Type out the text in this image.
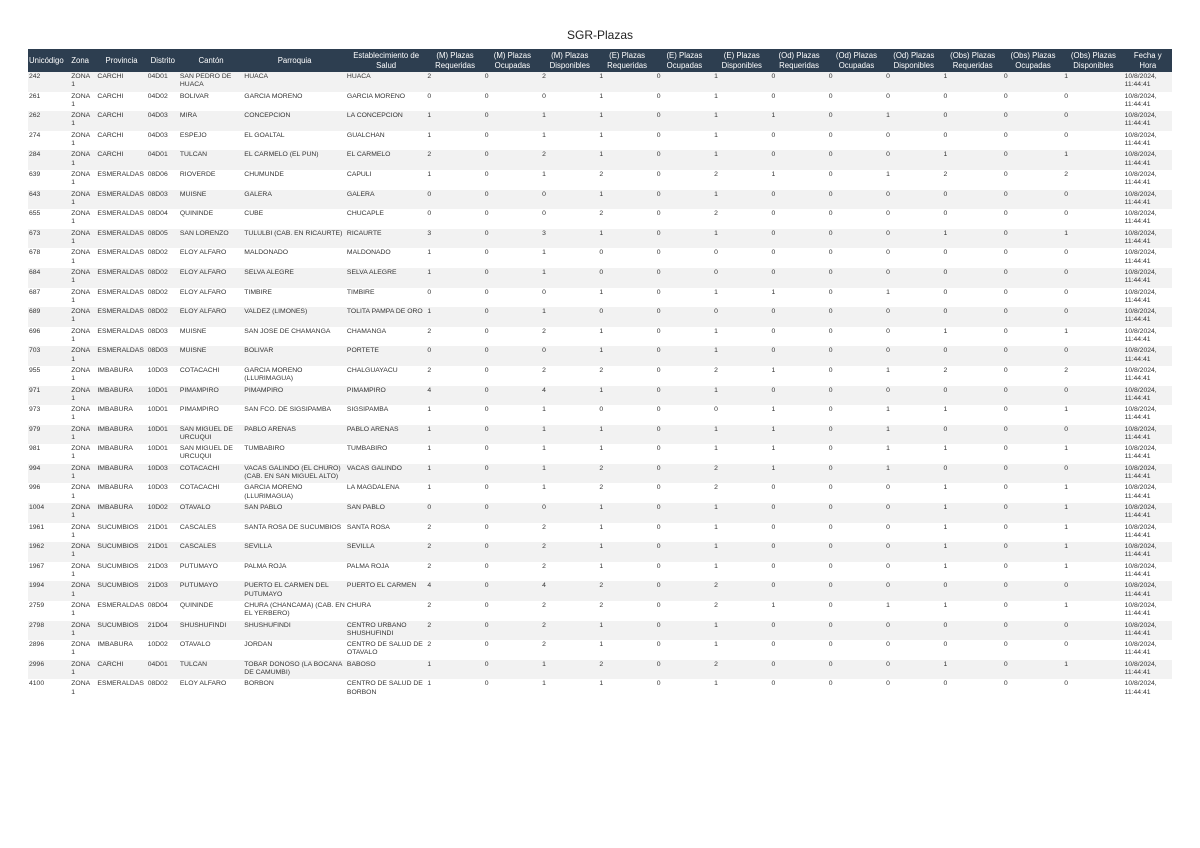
SGR-Plazas
Unicódigo	Zona	Provincia	Distrito	Cantón	Parroquia	Establecimiento de Salud	(M) Plazas Requeridas	(M) Plazas Ocupadas	(M) Plazas Disponibles	(E) Plazas Requeridas	(E) Plazas Ocupadas	(E) Plazas Disponibles	(Od) Plazas Requeridas	(Od) Plazas Ocupadas	(Od) Plazas Disponibles	(Obs) Plazas Requeridas	(Obs) Plazas Ocupadas	(Obs) Plazas Disponibles	Fecha y Hora
242	ZONA 1	CARCHI	04D01	SAN PEDRO DE HUACA	HUACA	HUACA	2	0	2	1	0	1	0	0	0	1	0	1	10/8/2024, 11:44:41
261	ZONA 1	CARCHI	04D02	BOLIVAR	GARCIA MORENO	GARCIA MORENO	0	0	0	1	0	1	0	0	0	0	0	0	10/8/2024, 11:44:41
262	ZONA 1	CARCHI	04D03	MIRA	CONCEPCION	LA CONCEPCION	1	0	1	1	0	1	1	0	1	0	0	0	10/8/2024, 11:44:41
274	ZONA 1	CARCHI	04D03	ESPEJO	EL GOALTAL	GUALCHAN	1	0	1	1	0	1	0	0	0	0	0	0	10/8/2024, 11:44:41
284	ZONA 1	CARCHI	04D01	TULCAN	EL CARMELO (EL PUN)	EL CARMELO	2	0	2	1	0	1	0	0	0	1	0	1	10/8/2024, 11:44:41
639	ZONA 1	ESMERALDAS	08D06	RIOVERDE	CHUMUNDE	CAPULI	1	0	1	2	0	2	1	0	1	2	0	2	10/8/2024, 11:44:41
643	ZONA 1	ESMERALDAS	08D03	MUISNE	GALERA	GALERA	0	0	0	1	0	1	0	0	0	0	0	0	10/8/2024, 11:44:41
655	ZONA 1	ESMERALDAS	08D04	QUININDE	CUBE	CHUCAPLE	0	0	0	2	0	2	0	0	0	0	0	0	10/8/2024, 11:44:41
673	ZONA 1	ESMERALDAS	08D05	SAN LORENZO	TULULBI (CAB. EN RICAURTE)	RICAURTE	3	0	3	1	0	1	0	0	0	1	0	1	10/8/2024, 11:44:41
678	ZONA 1	ESMERALDAS	08D02	ELOY ALFARO	MALDONADO	MALDONADO	1	0	1	0	0	0	0	0	0	0	0	0	10/8/2024, 11:44:41
684	ZONA 1	ESMERALDAS	08D02	ELOY ALFARO	SELVA ALEGRE	SELVA ALEGRE	1	0	1	0	0	0	0	0	0	0	0	0	10/8/2024, 11:44:41
687	ZONA 1	ESMERALDAS	08D02	ELOY ALFARO	TIMBIRE	TIMBIRE	0	0	0	1	0	1	1	0	1	0	0	0	10/8/2024, 11:44:41
689	ZONA 1	ESMERALDAS	08D02	ELOY ALFARO	VALDEZ (LIMONES)	TOLITA PAMPA DE ORO	1	0	1	0	0	0	0	0	0	0	0	0	10/8/2024, 11:44:41
696	ZONA 1	ESMERALDAS	08D03	MUISNE	SAN JOSE DE CHAMANGA	CHAMANGA	2	0	2	1	0	1	0	0	0	1	0	1	10/8/2024, 11:44:41
703	ZONA 1	ESMERALDAS	08D03	MUISNE	BOLIVAR	PORTETE	0	0	0	1	0	1	0	0	0	0	0	0	10/8/2024, 11:44:41
955	ZONA 1	IMBABURA	10D03	COTACACHI	GARCIA MORENO (LLURIMAGUA)	CHALGUAYACU	2	0	2	2	0	2	1	0	1	2	0	2	10/8/2024, 11:44:41
971	ZONA 1	IMBABURA	10D01	PIMAMPIRO	PIMAMPIRO	PIMAMPIRO	4	0	4	1	0	1	0	0	0	0	0	0	10/8/2024, 11:44:41
973	ZONA 1	IMBABURA	10D01	PIMAMPIRO	SAN FCO. DE SIGSIPAMBA	SIGSIPAMBA	1	0	1	0	0	0	1	0	1	1	0	1	10/8/2024, 11:44:41
979	ZONA 1	IMBABURA	10D01	SAN MIGUEL DE URCUQUI	PABLO ARENAS	PABLO ARENAS	1	0	1	1	0	1	1	0	1	0	0	0	10/8/2024, 11:44:41
981	ZONA 1	IMBABURA	10D01	SAN MIGUEL DE URCUQUI	TUMBABIRO	TUMBABIRO	1	0	1	1	0	1	1	0	1	1	0	1	10/8/2024, 11:44:41
994	ZONA 1	IMBABURA	10D03	COTACACHI	VACAS GALINDO (EL CHURO) (CAB. EN SAN MIGUEL ALTO)	VACAS GALINDO	1	0	1	2	0	2	1	0	1	0	0	0	10/8/2024, 11:44:41
996	ZONA 1	IMBABURA	10D03	COTACACHI	GARCIA MORENO (LLURIMAGUA)	LA MAGDALENA	1	0	1	2	0	2	0	0	0	1	0	1	10/8/2024, 11:44:41
1004	ZONA 1	IMBABURA	10D02	OTAVALO	SAN PABLO	SAN PABLO	0	0	0	1	0	1	0	0	0	1	0	1	10/8/2024, 11:44:41
1961	ZONA 1	SUCUMBIOS	21D01	CASCALES	SANTA ROSA DE SUCUMBIOS	SANTA ROSA	2	0	2	1	0	1	0	0	0	1	0	1	10/8/2024, 11:44:41
1962	ZONA 1	SUCUMBIOS	21D01	CASCALES	SEVILLA	SEVILLA	2	0	2	1	0	1	0	0	0	1	0	1	10/8/2024, 11:44:41
1967	ZONA 1	SUCUMBIOS	21D03	PUTUMAYO	PALMA ROJA	PALMA ROJA	2	0	2	1	0	1	0	0	0	1	0	1	10/8/2024, 11:44:41
1994	ZONA 1	SUCUMBIOS	21D03	PUTUMAYO	PUERTO EL CARMEN DEL PUTUMAYO	PUERTO EL CARMEN	4	0	4	2	0	2	0	0	0	0	0	0	10/8/2024, 11:44:41
2759	ZONA 1	ESMERALDAS	08D04	QUININDE	CHURA (CHANCAMA) (CAB. EN EL YERBERO)	CHURA	2	0	2	2	0	2	1	0	1	1	0	1	10/8/2024, 11:44:41
2798	ZONA 1	SUCUMBIOS	21D04	SHUSHUFINDI	SHUSHUFINDI	CENTRO URBANO SHUSHUFINDI	2	0	2	1	0	1	0	0	0	0	0	0	10/8/2024, 11:44:41
2896	ZONA 1	IMBABURA	10D02	OTAVALO	JORDAN	CENTRO DE SALUD DE OTAVALO	2	0	2	1	0	1	0	0	0	0	0	0	10/8/2024, 11:44:41
2996	ZONA 1	CARCHI	04D01	TULCAN	TOBAR DONOSO (LA BOCANA DE CAMUMBI)	BABOSO	1	0	1	2	0	2	0	0	0	1	0	1	10/8/2024, 11:44:41
4100	ZONA 1	ESMERALDAS	08D02	ELOY ALFARO	BORBON	CENTRO DE SALUD DE BORBON	1	0	1	1	0	1	0	0	0	0	0	0	10/8/2024, 11:44:41
